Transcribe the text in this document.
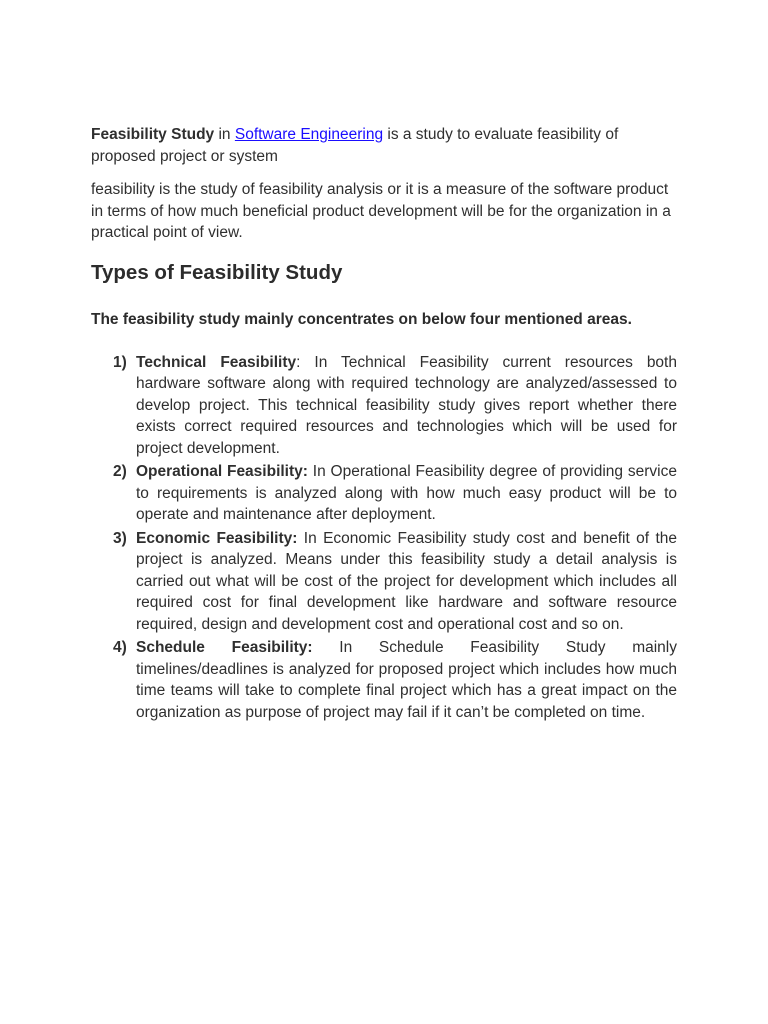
Feasibility Study in Software Engineering is a study to evaluate feasibility of proposed project or system

feasibility is the study of feasibility analysis or it is a measure of the software product in terms of how much beneficial product development will be for the organization in a practical point of view.

Types of Feasibility Study

The feasibility study mainly concentrates on below four mentioned areas.

1) Technical Feasibility: In Technical Feasibility current resources both hardware software along with required technology are analyzed/assessed to develop project. This technical feasibility study gives report whether there exists correct required resources and technologies which will be used for project development.
2) Operational Feasibility: In Operational Feasibility degree of providing service to requirements is analyzed along with how much easy product will be to operate and maintenance after deployment.
3) Economic Feasibility: In Economic Feasibility study cost and benefit of the project is analyzed. Means under this feasibility study a detail analysis is carried out what will be cost of the project for development which includes all required cost for final development like hardware and software resource required, design and development cost and operational cost and so on.
4) Schedule Feasibility: In Schedule Feasibility Study mainly timelines/deadlines is analyzed for proposed project which includes how much time teams will take to complete final project which has a great impact on the organization as purpose of project may fail if it can’t be completed on time.
